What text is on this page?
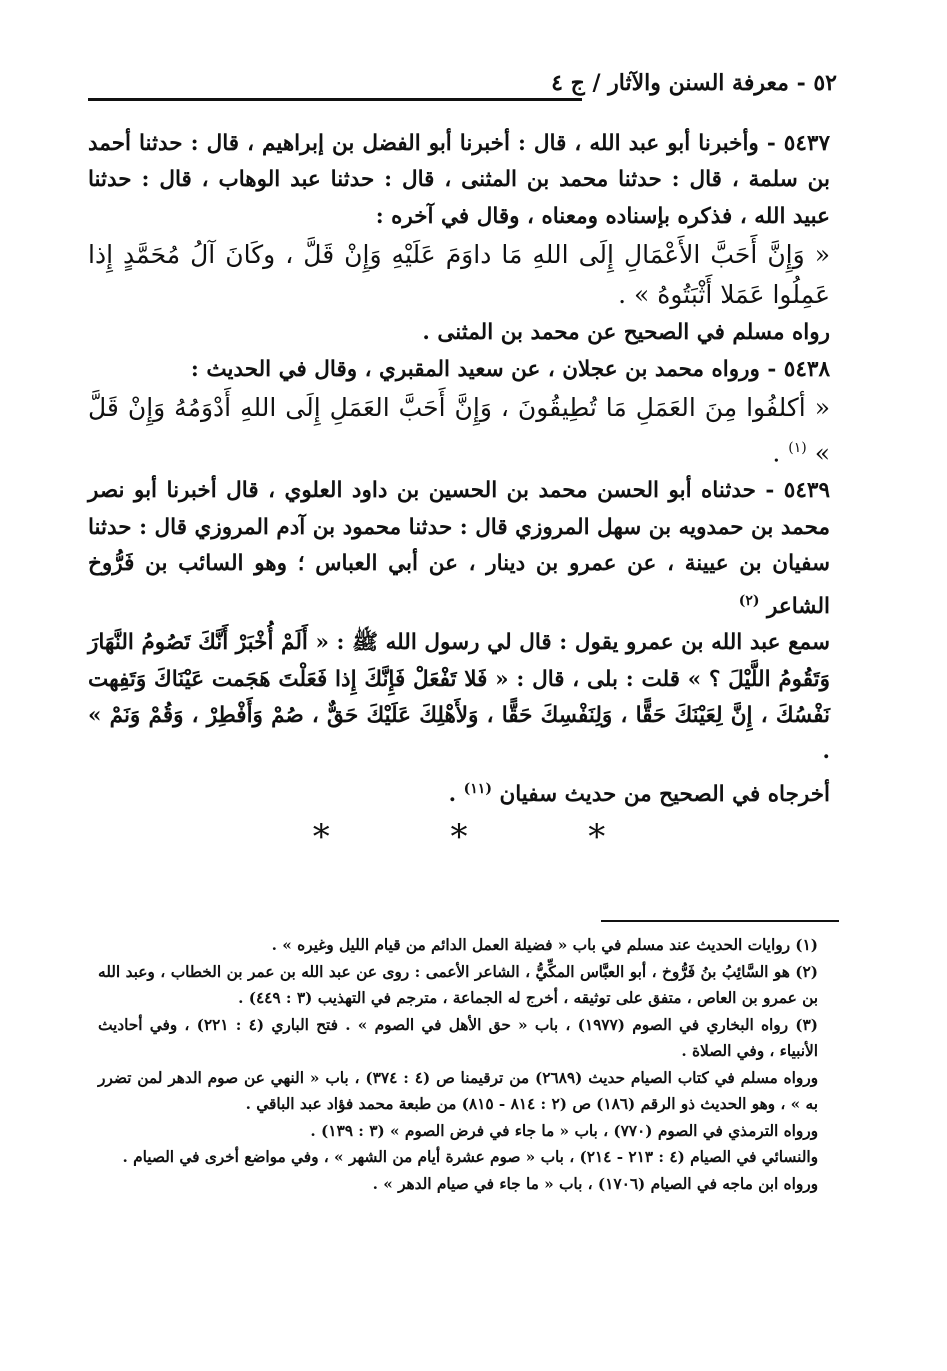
٥٢ - معرفة السنن والآثار / ج ٤

٥٤٣٧ - وأخبرنا أبو عبد الله ، قال : أخبرنا أبو الفضل بن إبراهيم ، قال : حدثنا أحمد بن سلمة ، قال : حدثنا محمد بن المثنى ، قال : حدثنا عبد الوهاب ، قال : حدثنا عبيد الله ، فذكره بإسناده ومعناه ، وقال في آخره :

« وَإِنَّ أَحَبَّ الأَعْمَالِ إِلَى اللهِ مَا داوَمَ عَلَيْهِ وَإِنْ قَلَّ ، وكَانَ آلُ مُحَمَّدٍ إِذا عَمِلُوا عَمَلا أَثْبَتُوهُ » .

رواه مسلم في الصحيح عن محمد بن المثنى .

٥٤٣٨ - ورواه محمد بن عجلان ، عن سعيد المقبري ، وقال في الحديث :

« أكلفُوا مِنَ العَمَلِ مَا تُطِيقُونَ ، وَإِنَّ أَحَبَّ العَمَلِ إِلَى اللهِ أَدْوَمُهُ وَإِنْ قَلَّ » $^{(١)}$ .

٥٤٣٩ - حدثناه أبو الحسن محمد بن الحسين بن داود العلوي ، قال أخبرنا أبو نصر محمد بن حمدويه بن سهل المروزي قال : حدثنا محمود بن آدم المروزي قال : حدثنا سفيان بن عيينة ، عن عمرو بن دينار ، عن أبي العباس ؛ وهو السائب بن فَرُّوخ الشاعر $^{(٢)}$

سمع عبد الله بن عمرو يقول : قال لي رسول الله ﷺ : « أَلَمْ أُخْبَرْ أَنَّكَ تَصُومُ النَّهَارَ وَتَقُومُ اللَّيْلَ ؟ » قلت : بلى ، قال : « فَلا تَفْعَلْ فَإِنَّكَ إِذا فَعَلْتَ هَجَمت عَيْنَاكَ وَتَفِهت نَفْسُكَ ، إِنَّ لِعَيْنَكَ حَقًّا ، وَلِنَفْسِكَ حَقًّا ، وَلأَهْلِكَ عَلَيْكَ حَقٌّ ، صُمْ وَأَفْطِرْ ، وَقُمْ وَنَمْ » .

أخرجاه في الصحيح من حديث سفيان $^{(١١)}$ .

* * *

(١) روايات الحديث عند مسلم في باب « فضيلة العمل الدائم من قيام الليل وغيره » .

(٢) هو السَّائِبُ بنُ فَرُّوخ ، أبو العبَّاس المكِّيُّ ، الشاعر الأعمى : روى عن عبد الله بن عمر بن الخطاب ، وعبد الله بن عمرو بن العاص ، متفق على توثيقه ، أخرج له الجماعة ، مترجم في التهذيب (٣ : ٤٤٩) .

(٣) رواه البخاري في الصوم (١٩٧٧) ، باب « حق الأهل في الصوم » . فتح الباري (٤ : ٢٢١) ، وفي أحاديث الأنبياء ، وفي الصلاة .

ورواه مسلم في كتاب الصيام حديث (٢٦٨٩) من ترقيمنا ص (٤ : ٣٧٤) ، باب « النهي عن صوم الدهر لمن تضرر به » ، وهو الحديث ذو الرقم (١٨٦) ص (٢ : ٨١٤ - ٨١٥) من طبعة محمد فؤاد عبد الباقي .

ورواه الترمذي في الصوم (٧٧٠) ، باب « ما جاء في فرض الصوم » (٣ : ١٣٩) .

والنسائي في الصيام (٤ : ٢١٣ - ٢١٤) ، باب « صوم عشرة أيام من الشهر » ، وفي مواضع أخرى في الصيام .

ورواه ابن ماجه في الصيام (١٧٠٦) ، باب « ما جاء في صيام الدهر » .
